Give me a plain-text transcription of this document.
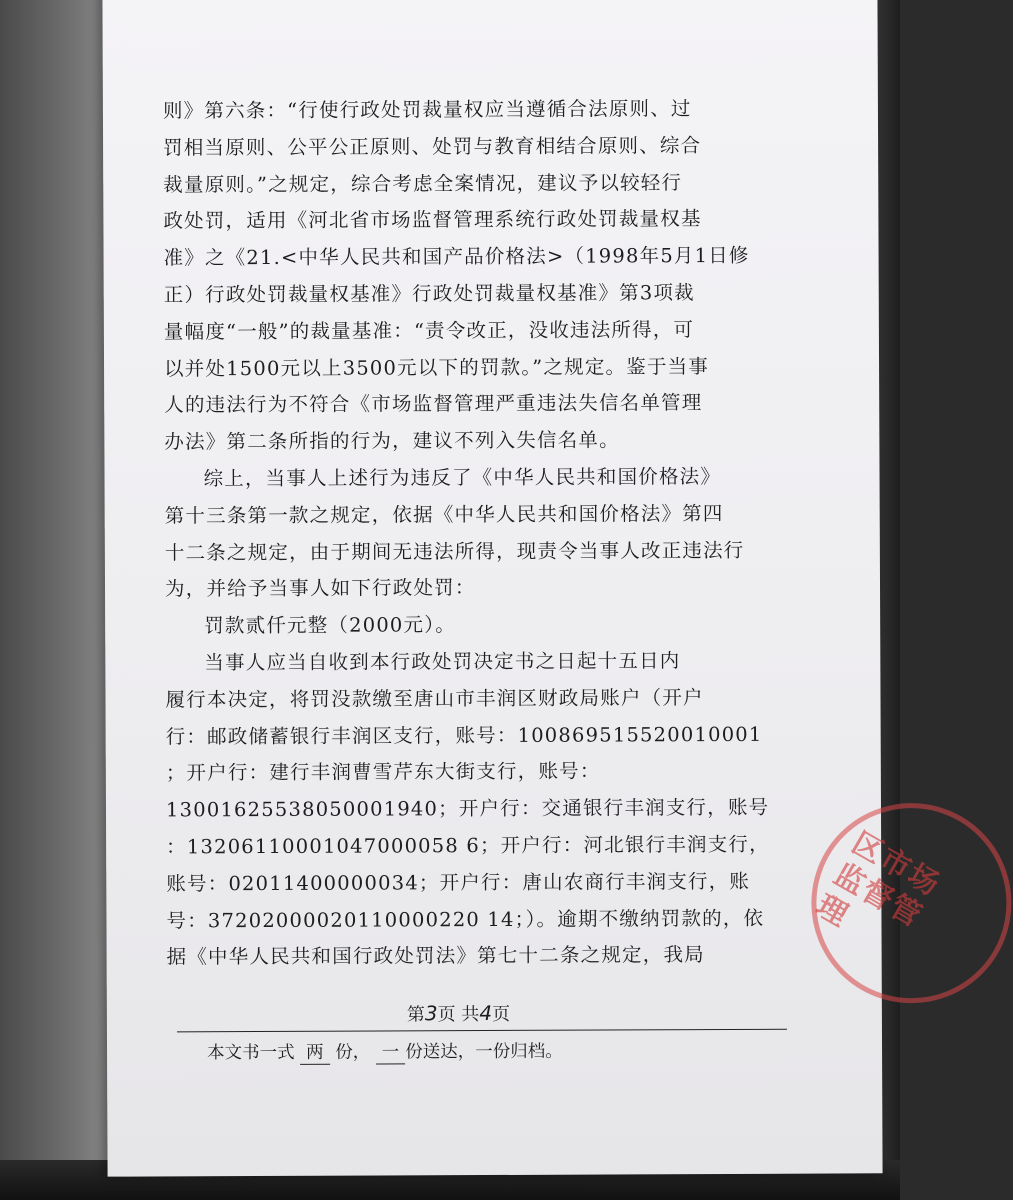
则》第六条：“行使行政处罚裁量权应当遵循合法原则、过
罚相当原则、公平公正原则、处罚与教育相结合原则、综合
裁量原则。”之规定，综合考虑全案情况，建议予以较轻行
政处罚，适用《河北省市场监督管理系统行政处罚裁量权基
准》之《21.<中华人民共和国产品价格法>（1998年5月1日修
正）行政处罚裁量权基准》行政处罚裁量权基准》第3项裁
量幅度“一般”的裁量基准：“责令改正，没收违法所得，可
以并处1500元以上3500元以下的罚款。”之规定。鉴于当事
人的违法行为不符合《市场监督管理严重违法失信名单管理
办法》第二条所指的行为，建议不列入失信名单。
综上，当事人上述行为违反了《中华人民共和国价格法》
第十三条第一款之规定，依据《中华人民共和国价格法》第四
十二条之规定，由于期间无违法所得，现责令当事人改正违法行
为，并给予当事人如下行政处罚：
罚款贰仟元整（2000元）。
当事人应当自收到本行政处罚决定书之日起十五日内
履行本决定，将罚没款缴至唐山市丰润区财政局账户（开户
行：邮政储蓄银行丰润区支行，账号：100869515520010001
；开户行：建行丰润曹雪芹东大街支行，账号：
13001625538050001940；开户行：交通银行丰润支行，账号
：13206110001047000058 6；开户行：河北银行丰润支行，
账号：02011400000034；开户行：唐山农商行丰润支行，账
号：37202000020110000220 14；）。逾期不缴纳罚款的，依
据《中华人民共和国行政处罚法》第七十二条之规定，我局
第3页 共4页
本文书一式 两 份， 一 份送达，一份归档。
区市场监督管理
